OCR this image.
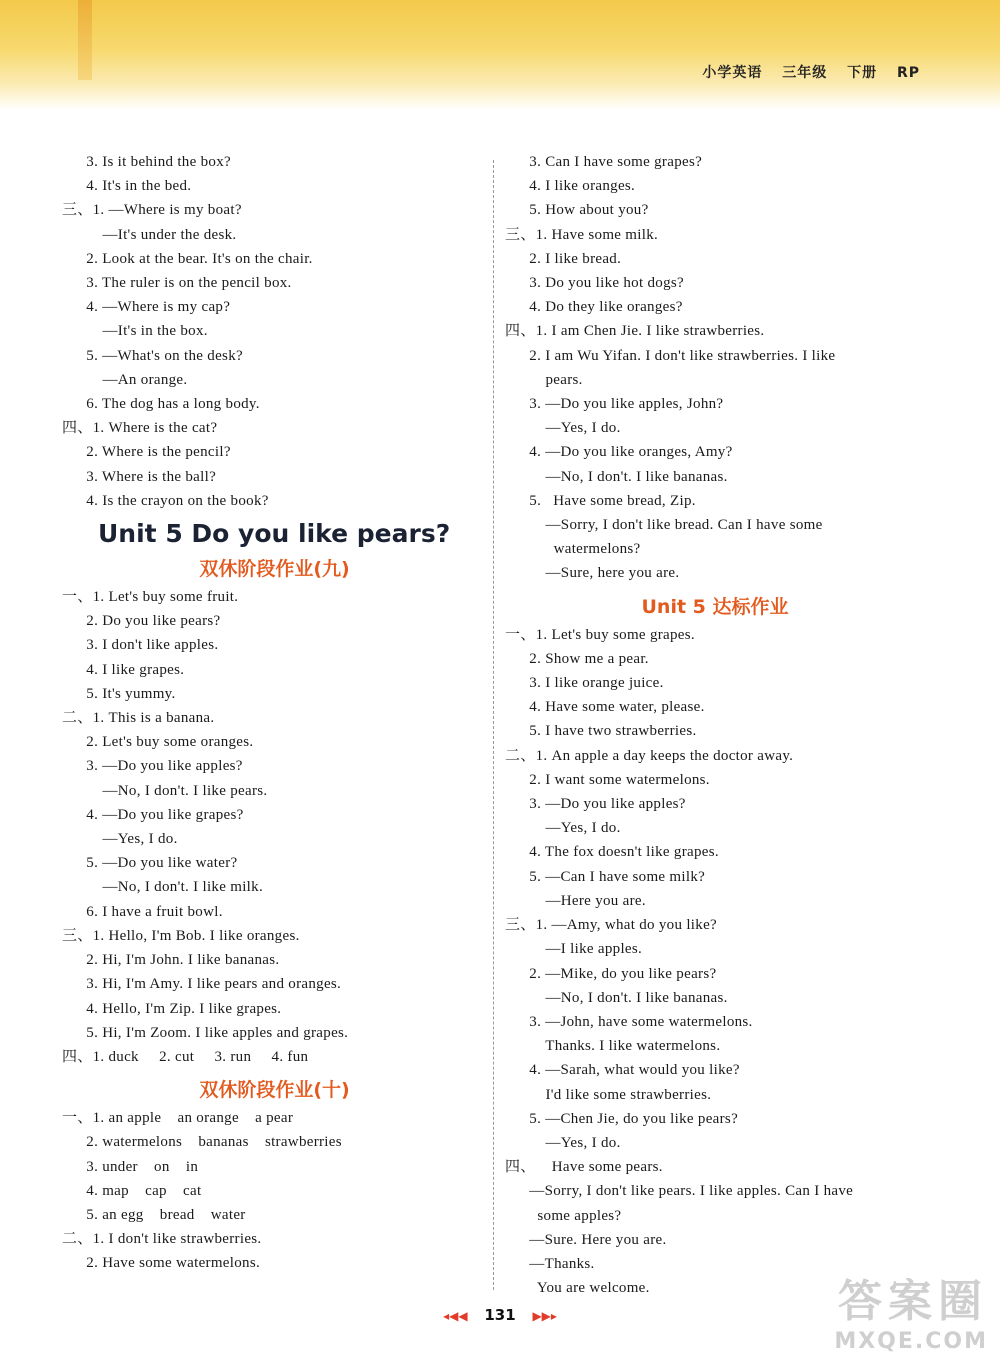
小学英语 三年级 下册 RP
3. Is it behind the box?
4. It's in the bed.
三、1. —Where is my boat?
—It's under the desk.
2. Look at the bear. It's on the chair.
3. The ruler is on the pencil box.
4. —Where is my cap?
—It's in the box.
5. —What's on the desk?
—An orange.
6. The dog has a long body.
四、1. Where is the cat?
2. Where is the pencil?
3. Where is the ball?
4. Is the crayon on the book?
Unit 5 Do you like pears?
双休阶段作业(九)
一、1. Let's buy some fruit.
2. Do you like pears?
3. I don't like apples.
4. I like grapes.
5. It's yummy.
二、1. This is a banana.
2. Let's buy some oranges.
3. —Do you like apples?
—No, I don't. I like pears.
4. —Do you like grapes?
—Yes, I do.
5. —Do you like water?
—No, I don't. I like milk.
6. I have a fruit bowl.
三、1. Hello, I'm Bob. I like oranges.
2. Hi, I'm John. I like bananas.
3. Hi, I'm Amy. I like pears and oranges.
4. Hello, I'm Zip. I like grapes.
5. Hi, I'm Zoom. I like apples and grapes.
四、1. duck     2. cut     3. run     4. fun
双休阶段作业(十)
一、1. an apple    an orange    a pear
2. watermelons    bananas    strawberries
3. under    on    in
4. map    cap    cat
5. an egg    bread    water
二、1. I don't like strawberries.
2. Have some watermelons.
3. Can I have some grapes?
4. I like oranges.
5. How about you?
三、1. Have some milk.
2. I like bread.
3. Do you like hot dogs?
4. Do they like oranges?
四、1. I am Chen Jie. I like strawberries.
2. I am Wu Yifan. I don't like strawberries. I like
pears.
3. —Do you like apples, John?
—Yes, I do.
4. —Do you like oranges, Amy?
—No, I don't. I like bananas.
5.   Have some bread, Zip.
—Sorry, I don't like bread. Can I have some
watermelons?
—Sure, here you are.
Unit 5 达标作业
一、1. Let's buy some grapes.
2. Show me a pear.
3. I like orange juice.
4. Have some water, please.
5. I have two strawberries.
二、1. An apple a day keeps the doctor away.
2. I want some watermelons.
3. —Do you like apples?
—Yes, I do.
4. The fox doesn't like grapes.
5. —Can I have some milk?
—Here you are.
三、1. —Amy, what do you like?
—I like apples.
2. —Mike, do you like pears?
—No, I don't. I like bananas.
3. —John, have some watermelons.
Thanks. I like watermelons.
4. —Sarah, what would you like?
I'd like some strawberries.
5. —Chen Jie, do you like pears?
—Yes, I do.
四、    Have some pears.
—Sorry, I don't like pears. I like apples. Can I have
some apples?
—Sure. Here you are.
—Thanks.
You are welcome.
◂◀◀ 131 ▶▶▸	答案圈
MXQE.COM
